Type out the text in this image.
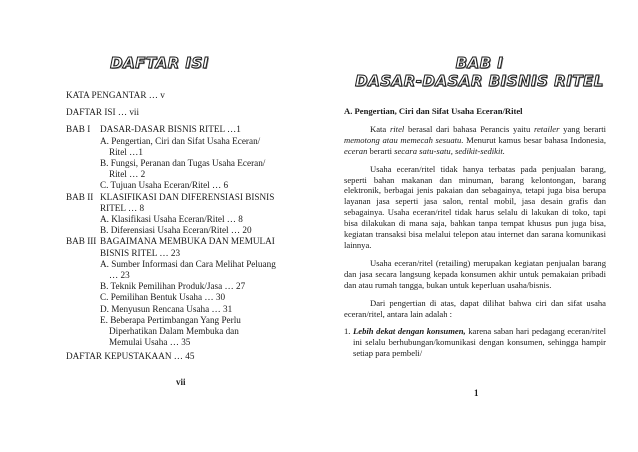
DAFTAR ISI
KATA PENGANTAR … v
DAFTAR ISI … vii
BAB I	DASAR-DASAR BISNIS RITEL …1
A. Pengertian, Ciri dan Sifat Usaha Eceran/
Ritel …1
B. Fungsi, Peranan dan Tugas Usaha Eceran/
Ritel … 2
C. Tujuan Usaha Eceran/Ritel … 6
BAB II KLASIFIKASI DAN DIFERENSIASI BISNIS
RITEL … 8
A. Klasifikasi Usaha Eceran/Ritel … 8
B. Diferensiasi Usaha Eceran/Ritel … 20
BAB III BAGAIMANA MEMBUKA DAN MEMULAI
BISNIS RITEL … 23
A. Sumber Informasi dan Cara Melihat Peluang
… 23
B. Teknik Pemilihan Produk/Jasa … 27
C. Pemilihan Bentuk Usaha … 30
D. Menyusun Rencana Usaha … 31
E. Beberapa Pertimbangan Yang Perlu
Diperhatikan Dalam Membuka dan
Memulai Usaha … 35
DAFTAR KEPUSTAKAAN … 45
vii
BAB I
DASAR-DASAR BISNIS RITEL
A. Pengertian, Ciri dan Sifat Usaha Eceran/Ritel

Kata ritel berasal dari bahasa Perancis yaitu retailer yang berarti memotong atau memecah sesuatu. Menurut kamus besar bahasa Indonesia, eceran berarti secara satu-satu, sedikit-sedikit.

Usaha eceran/ritel tidak hanya terbatas pada penjualan barang, seperti bahan makanan dan minuman, barang kelontongan, barang elektronik, berbagai jenis pakaian dan sebagainya, tetapi juga bisa berupa layanan jasa seperti jasa salon, rental mobil, jasa desain grafis dan sebagainya. Usaha eceran/ritel tidak harus selalu di lakukan di toko, tapi bisa dilakukan di mana saja, bahkan tanpa tempat khusus pun juga bisa, kegiatan transaksi bisa melalui telepon atau internet dan sarana komunikasi lainnya.

Usaha eceran/ritel (retailing) merupakan kegiatan penjualan barang dan jasa secara langsung kepada konsumen akhir untuk pemakaian pribadi dan atau rumah tangga, bukan untuk keperluan usaha/bisnis.

Dari pengertian di atas, dapat dilihat bahwa ciri dan sifat usaha eceran/ritel, antara lain adalah :

1. Lebih dekat dengan konsumen, karena saban hari pedagang eceran/ritel ini selalu berhubungan/komunikasi dengan konsumen, sehingga hampir setiap para pembeli/
1
